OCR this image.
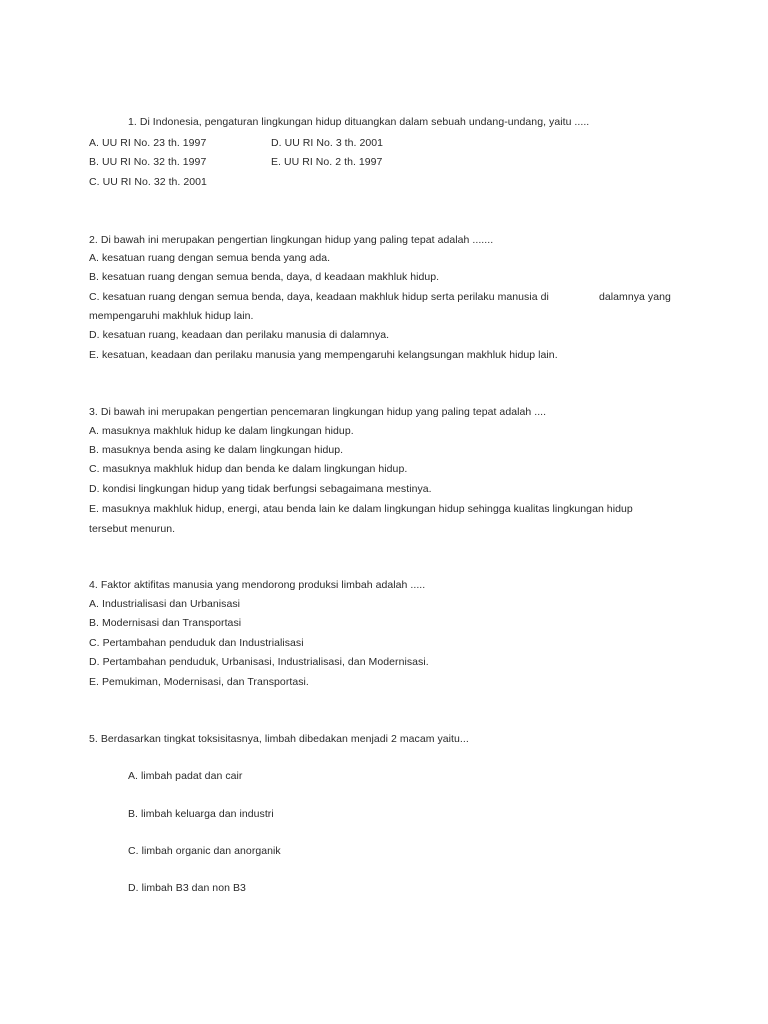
1. Di Indonesia, pengaturan lingkungan hidup dituangkan dalam sebuah undang-undang, yaitu .....
A. UU RI No. 23 th. 1997	D. UU RI No. 3 th. 2001
B. UU RI No. 32 th. 1997	E. UU RI No. 2 th. 1997
C. UU RI No. 32 th. 2001
2. Di bawah ini merupakan pengertian lingkungan hidup yang paling tepat adalah .......
A. kesatuan ruang dengan semua benda yang ada.
B. kesatuan ruang dengan semua benda, daya, d keadaan makhluk hidup.
C. kesatuan ruang dengan semua benda, daya, keadaan makhluk hidup serta perilaku manusia di	dalamnya yang
mempengaruhi makhluk hidup lain.
D. kesatuan ruang, keadaan dan perilaku manusia di dalamnya.
E. kesatuan, keadaan dan perilaku manusia yang mempengaruhi kelangsungan makhluk hidup lain.
3. Di bawah ini merupakan pengertian pencemaran lingkungan hidup yang paling tepat adalah ....
A. masuknya makhluk hidup ke dalam lingkungan hidup.
B. masuknya benda asing ke dalam lingkungan hidup.
C. masuknya makhluk hidup dan benda ke dalam lingkungan hidup.
D. kondisi lingkungan hidup yang tidak berfungsi sebagaimana mestinya.
E. masuknya makhluk hidup, energi, atau benda lain ke dalam lingkungan hidup sehingga kualitas lingkungan hidup
tersebut menurun.
4. Faktor aktifitas manusia yang mendorong produksi limbah adalah .....
A. Industrialisasi dan Urbanisasi
B. Modernisasi dan Transportasi
C. Pertambahan penduduk dan Industrialisasi
D. Pertambahan penduduk, Urbanisasi, Industrialisasi, dan Modernisasi.
E. Pemukiman, Modernisasi, dan Transportasi.
5. Berdasarkan tingkat toksisitasnya, limbah dibedakan menjadi 2 macam yaitu...
A. limbah padat dan cair
B. limbah keluarga dan industri
C. limbah organic dan anorganik
D. limbah B3 dan non B3
